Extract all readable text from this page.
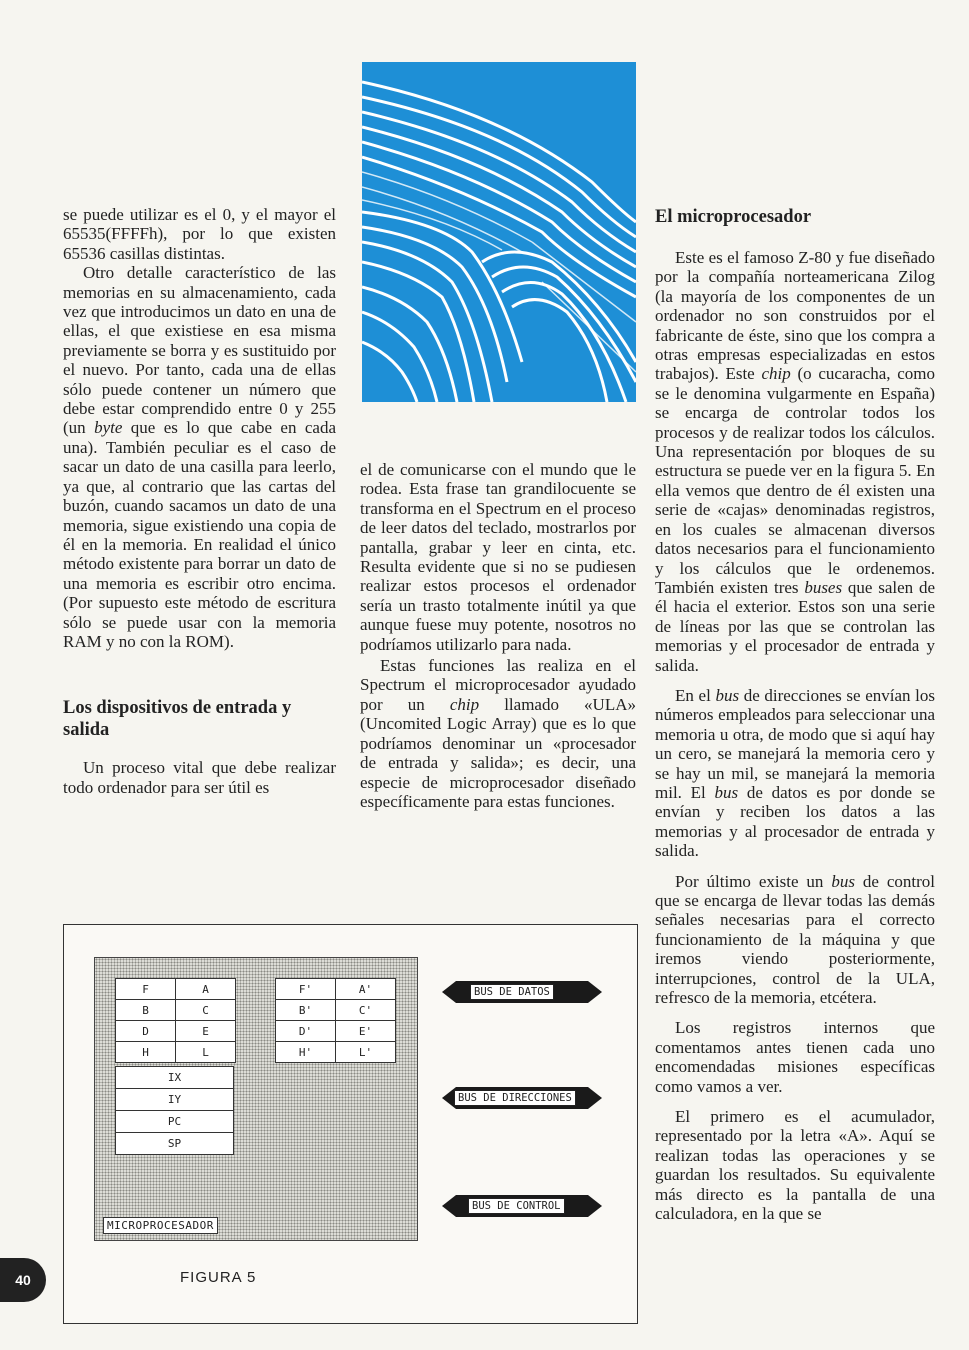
se puede utilizar es el 0, y el mayor el 65535(FFFFh), por lo que existen 65536 casillas distintas.

Otro detalle característico de las memorias en su almacenamiento, cada vez que introducimos un dato en una de ellas, el que existiese en esa misma previamente se borra y es sustituido por el nuevo. Por tanto, cada una de ellas sólo puede contener un número que debe estar comprendido entre 0 y 255 (un byte que es lo que cabe en cada una). También peculiar es el caso de sacar un dato de una casilla para leerlo, ya que, al contrario que las cartas del buzón, cuando sacamos un dato de una memoria, sigue existiendo una copia de él en la memoria. En realidad el único método existente para borrar un dato de una memoria es escribir otro encima. (Por supuesto este método de escritura sólo se puede usar con la memoria RAM y no con la ROM).

Los dispositivos de entrada y salida

Un proceso vital que debe realizar todo ordenador para ser útil es

el de comunicarse con el mundo que le rodea. Esta frase tan grandilocuente se transforma en el Spectrum en el proceso de leer datos del teclado, mostrarlos por pantalla, grabar y leer en cinta, etc. Resulta evidente que si no se pudiesen realizar estos procesos el ordenador sería un trasto totalmente inútil ya que aunque fuese muy potente, nosotros no podríamos utilizarlo para nada.

Estas funciones las realiza en el Spectrum el microprocesador ayudado por un chip llamado «ULA» (Uncomited Logic Array) que es lo que podríamos denominar un «procesador de entrada y salida»; es decir, una especie de microprocesador diseñado específicamente para estas funciones.

El microprocesador

Este es el famoso Z-80 y fue diseñado por la compañía norteamericana Zilog (la mayoría de los componentes de un ordenador no son construidos por el fabricante de éste, sino que los compra a otras empresas especializadas en estos trabajos). Este chip (o cucaracha, como se le denomina vulgarmente en España) se encarga de controlar todos los procesos y de realizar todos los cálculos. Una representación por bloques de su estructura se puede ver en la figura 5. En ella vemos que dentro de él existen una serie de «cajas» denominadas registros, en los cuales se almacenan diversos datos necesarios para el funcionamiento y los cálculos que le ordenemos. También existen tres buses que salen de él hacia el exterior. Estos son una serie de líneas por las que se controlan las memorias y el procesador de entrada y salida.

En el bus de direcciones se envían los números empleados para seleccionar una memoria u otra, de modo que si aquí hay un cero, se manejará la memoria cero y se hay un mil, se manejará la memoria mil. El bus de datos es por donde se envían y reciben los datos a las memorias y al procesador de entrada y salida.

Por último existe un bus de control que se encarga de llevar todas las demás señales necesarias para el correcto funcionamiento de la máquina y que iremos viendo posteriormente, interrupciones, control de la ULA, refresco de la memoria, etcétera.

Los registros internos que comentamos antes tienen cada uno encomendadas misiones específicas como vamos a ver.

El primero es el acumulador, representado por la letra «A». Aquí se realizan todas las operaciones y se guardan los resultados. Su equivalente más directo es la pantalla de una calculadora, en la que se

F	A
B	C
D	E
H	L
F'	A'
B'	C'
D'	E'
H'	L'
IX
IY
PC
SP
MICROPROCESADOR
BUS DE DATOS
BUS DE DIRECCIONES
BUS DE CONTROL
FIGURA 5
40
